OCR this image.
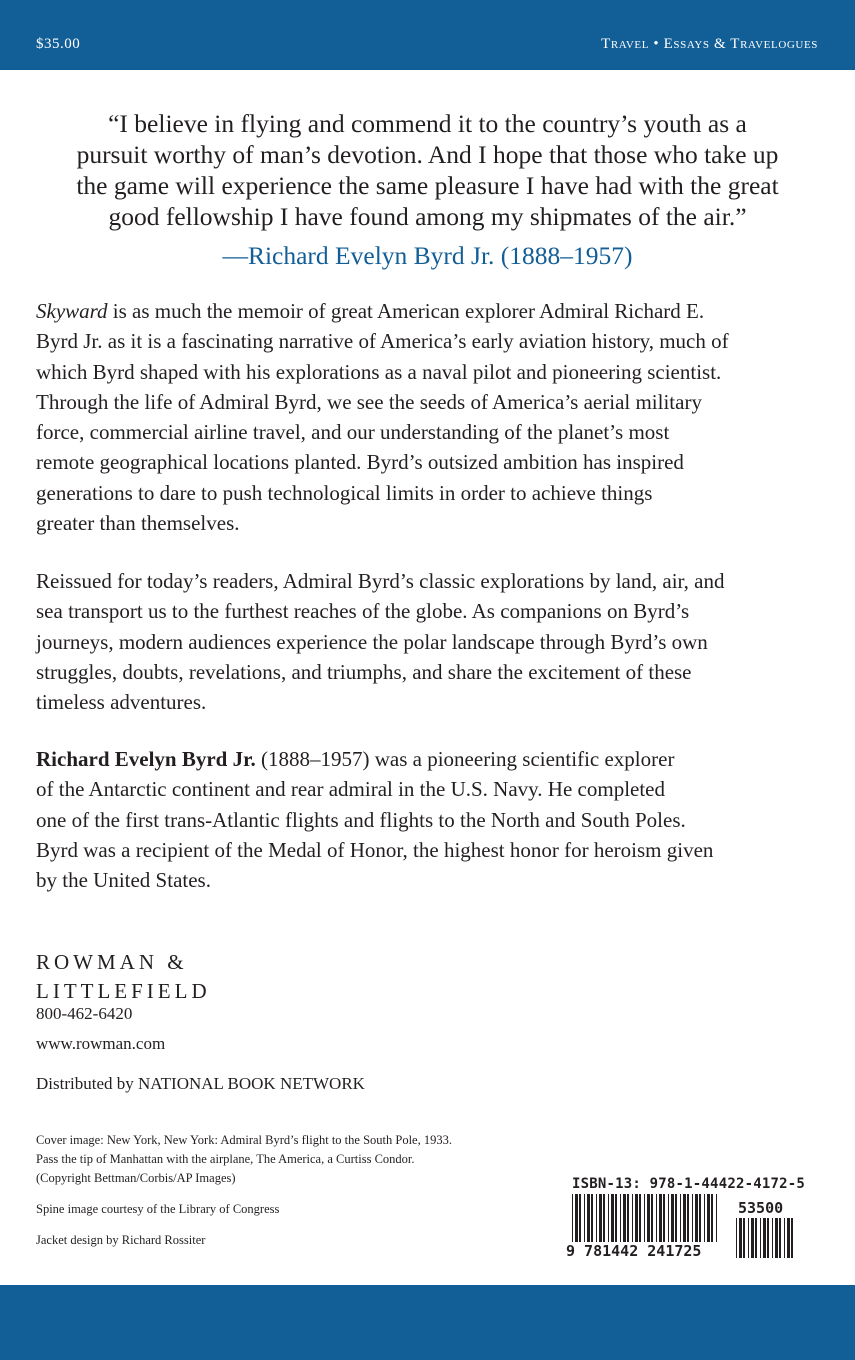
$35.00	Travel • Essays & Travelogues
“I believe in flying and commend it to the country’s youth as a
pursuit worthy of man’s devotion. And I hope that those who take up
the game will experience the same pleasure I have had with the great
good fellowship I have found among my shipmates of the air.”
—Richard Evelyn Byrd Jr. (1888–1957)

Skyward is as much the memoir of great American explorer Admiral Richard E.
Byrd Jr. as it is a fascinating narrative of America’s early aviation history, much of
which Byrd shaped with his explorations as a naval pilot and pioneering scientist.
Through the life of Admiral Byrd, we see the seeds of America’s aerial military
force, commercial airline travel, and our understanding of the planet’s most
remote geographical locations planted. Byrd’s outsized ambition has inspired
generations to dare to push technological limits in order to achieve things
greater than themselves.

Reissued for today’s readers, Admiral Byrd’s classic explorations by land, air, and
sea transport us to the furthest reaches of the globe. As companions on Byrd’s
journeys, modern audiences experience the polar landscape through Byrd’s own
struggles, doubts, revelations, and triumphs, and share the excitement of these
timeless adventures.

Richard Evelyn Byrd Jr. (1888–1957) was a pioneering scientific explorer
of the Antarctic continent and rear admiral in the U.S. Navy. He completed
one of the first trans-Atlantic flights and flights to the North and South Poles.
Byrd was a recipient of the Medal of Honor, the highest honor for heroism given
by the United States.

ROWMAN &
LITTLEFIELD
800-462-6420
www.rowman.com
Distributed by NATIONAL BOOK NETWORK

Cover image: New York, New York: Admiral Byrd’s flight to the South Pole, 1933.
Pass the tip of Manhattan with the airplane, The America, a Curtiss Condor.
(Copyright Bettman/Corbis/AP Images)

Spine image courtesy of the Library of Congress

Jacket design by Richard Rossiter

ISBN-13: 978-1-44422-4172-5
53500
9 781442 241725
